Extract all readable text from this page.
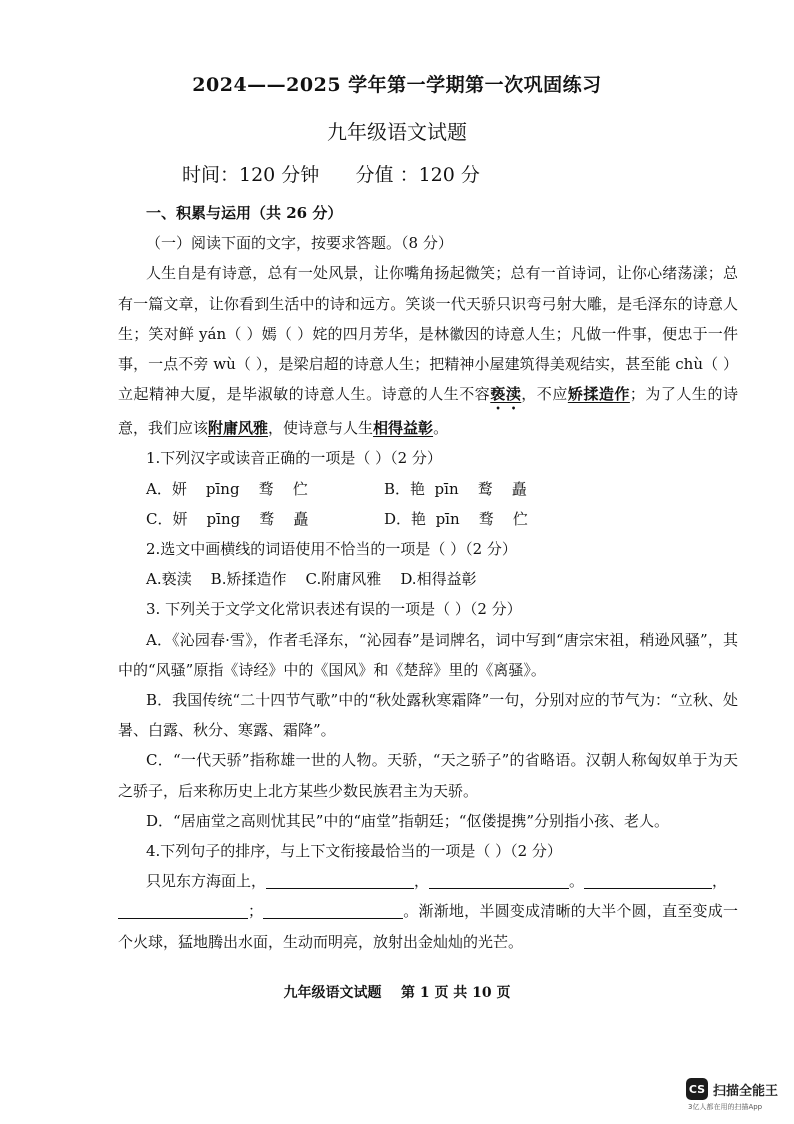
2024——2025 学年第一学期第一次巩固练习
九年级语文试题
时间：120 分钟      分值 ：120 分

一、积累与运用（共 26 分）

（一）阅读下面的文字，按要求答题。（8 分）

人生自是有诗意，总有一处风景，让你嘴角扬起微笑；总有一首诗词，让你心绪荡漾；总有一篇文章，让你看到生活中的诗和远方。笑谈一代天骄只识弯弓射大雕，是毛泽东的诗意人生；笑对鲜 yán（ ）嫣（ ）姹的四月芳华，是林徽因的诗意人生；凡做一件事，便忠于一件事，一点不旁 wù（ ），是梁启超的诗意人生；把精神小屋建筑得美观结实，甚至能 chù（ ）立起精神大厦，是毕淑敏的诗意人生。诗意的人生不容亵渎，不应矫揉造作；为了人生的诗意，我们应该附庸风雅，使诗意与人生相得益彰。

1.下列汉字或读音正确的一项是（ ）（2 分）

A．妍    pīng    骛    伫	B．艳  pīn    鹜    矗
C．妍    pīng    骛    矗	D．艳  pīn    骛    伫

2.选文中画横线的词语使用不恰当的一项是（ ）（2 分）

A.亵渎    B.矫揉造作    C.附庸风雅    D.相得益彰

3. 下列关于文学文化常识表述有误的一项是（ ）（2 分）

A．《沁园春·雪》，作者毛泽东，“沁园春”是词牌名，词中写到“唐宗宋祖，稍逊风骚”，其中的“风骚”原指《诗经》中的《国风》和《楚辞》里的《离骚》。

B．我国传统“二十四节气歌”中的“秋处露秋寒霜降”一句，分别对应的节气为：“立秋、处暑、白露、秋分、寒露、霜降”。

C．“一代天骄”指称雄一世的人物。天骄，“天之骄子”的省略语。汉朝人称匈奴单于为天之骄子，后来称历史上北方某些少数民族君主为天骄。

D．“居庙堂之高则忧其民”中的“庙堂”指朝廷；“伛偻提携”分别指小孩、老人。

4.下列句子的排序，与上下文衔接最恰当的一项是（ ）（2 分）

只见东方海面上，	，	。	，

；	。渐渐地，半圆变成清晰的大半个圆，直至变成一个火球，猛地腾出水面，生动而明亮，放射出金灿灿的光芒。

九年级语文试题    第 1 页 共 10 页
CS 扫描全能王
3亿人都在用的扫描App
